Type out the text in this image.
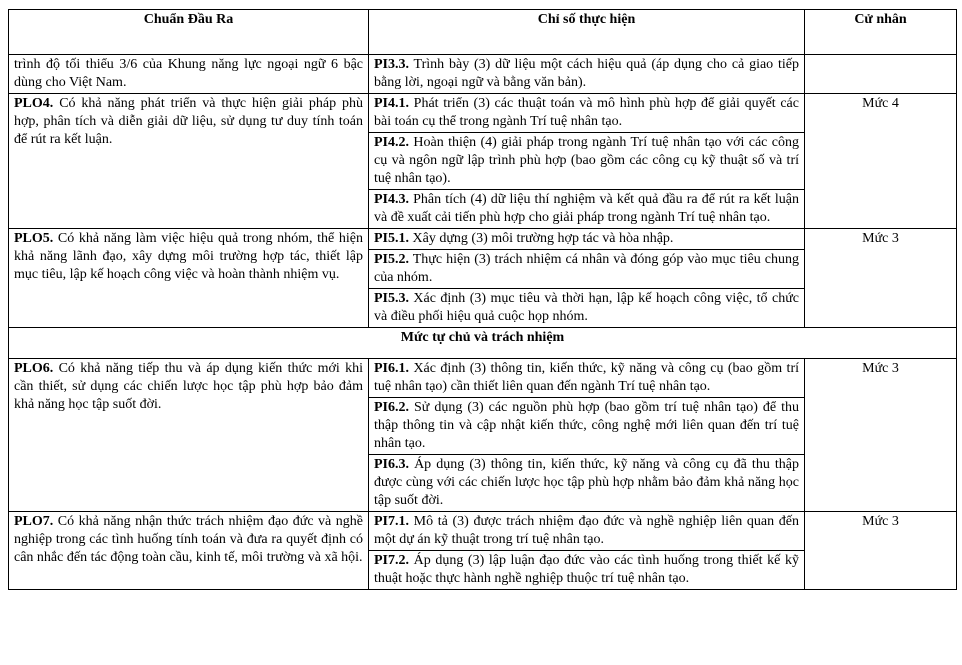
Chuẩn Đầu Ra	Chỉ số thực hiện	Cử nhân
trình độ tối thiểu 3/6 của Khung năng lực ngoại ngữ 6 bậc dùng cho Việt Nam.	PI3.3. Trình bày (3) dữ liệu một cách hiệu quả (áp dụng cho cả giao tiếp bằng lời, ngoại ngữ và bằng văn bản).	
PLO4. Có khả năng phát triển và thực hiện giải pháp phù hợp, phân tích và diễn giải dữ liệu, sử dụng tư duy tính toán để rút ra kết luận.	PI4.1. Phát triển (3) các thuật toán và mô hình phù hợp để giải quyết các bài toán cụ thể trong ngành Trí tuệ nhân tạo.	Mức 4
	PI4.2. Hoàn thiện (4) giải pháp trong ngành Trí tuệ nhân tạo với các công cụ và ngôn ngữ lập trình phù hợp (bao gồm các công cụ kỹ thuật số và trí tuệ nhân tạo).	
	PI4.3. Phân tích (4) dữ liệu thí nghiệm và kết quả đầu ra để rút ra kết luận và đề xuất cải tiến phù hợp cho giải pháp trong ngành Trí tuệ nhân tạo.	
PLO5. Có khả năng làm việc hiệu quả trong nhóm, thể hiện khả năng lãnh đạo, xây dựng môi trường hợp tác, thiết lập mục tiêu, lập kế hoạch công việc và hoàn thành nhiệm vụ.	PI5.1. Xây dựng (3) môi trường hợp tác và hòa nhập.	Mức 3
	PI5.2. Thực hiện (3) trách nhiệm cá nhân và đóng góp vào mục tiêu chung của nhóm.	
	PI5.3. Xác định (3) mục tiêu và thời hạn, lập kế hoạch công việc, tổ chức và điều phối hiệu quả cuộc họp nhóm.	
Mức tự chủ và trách nhiệm		
PLO6. Có khả năng tiếp thu và áp dụng kiến thức mới khi cần thiết, sử dụng các chiến lược học tập phù hợp bảo đảm khả năng học tập suốt đời.	PI6.1. Xác định (3) thông tin, kiến thức, kỹ năng và công cụ (bao gồm trí tuệ nhân tạo) cần thiết liên quan đến ngành Trí tuệ nhân tạo.	Mức 3
	PI6.2. Sử dụng (3) các nguồn phù hợp (bao gồm trí tuệ nhân tạo) để thu thập thông tin và cập nhật kiến thức, công nghệ mới liên quan đến trí tuệ nhân tạo.	
	PI6.3. Áp dụng (3) thông tin, kiến thức, kỹ năng và công cụ đã thu thập được cùng với các chiến lược học tập phù hợp nhằm bảo đảm khả năng học tập suốt đời.	
PLO7. Có khả năng nhận thức trách nhiệm đạo đức và nghề nghiệp trong các tình huống tính toán và đưa ra quyết định có cân nhắc đến tác động toàn cầu, kinh tế, môi trường và xã hội.	PI7.1. Mô tả (3) được trách nhiệm đạo đức và nghề nghiệp liên quan đến một dự án kỹ thuật trong trí tuệ nhân tạo.	Mức 3
	PI7.2. Áp dụng (3) lập luận đạo đức vào các tình huống trong thiết kế kỹ thuật hoặc thực hành nghề nghiệp thuộc trí tuệ nhân tạo.	
